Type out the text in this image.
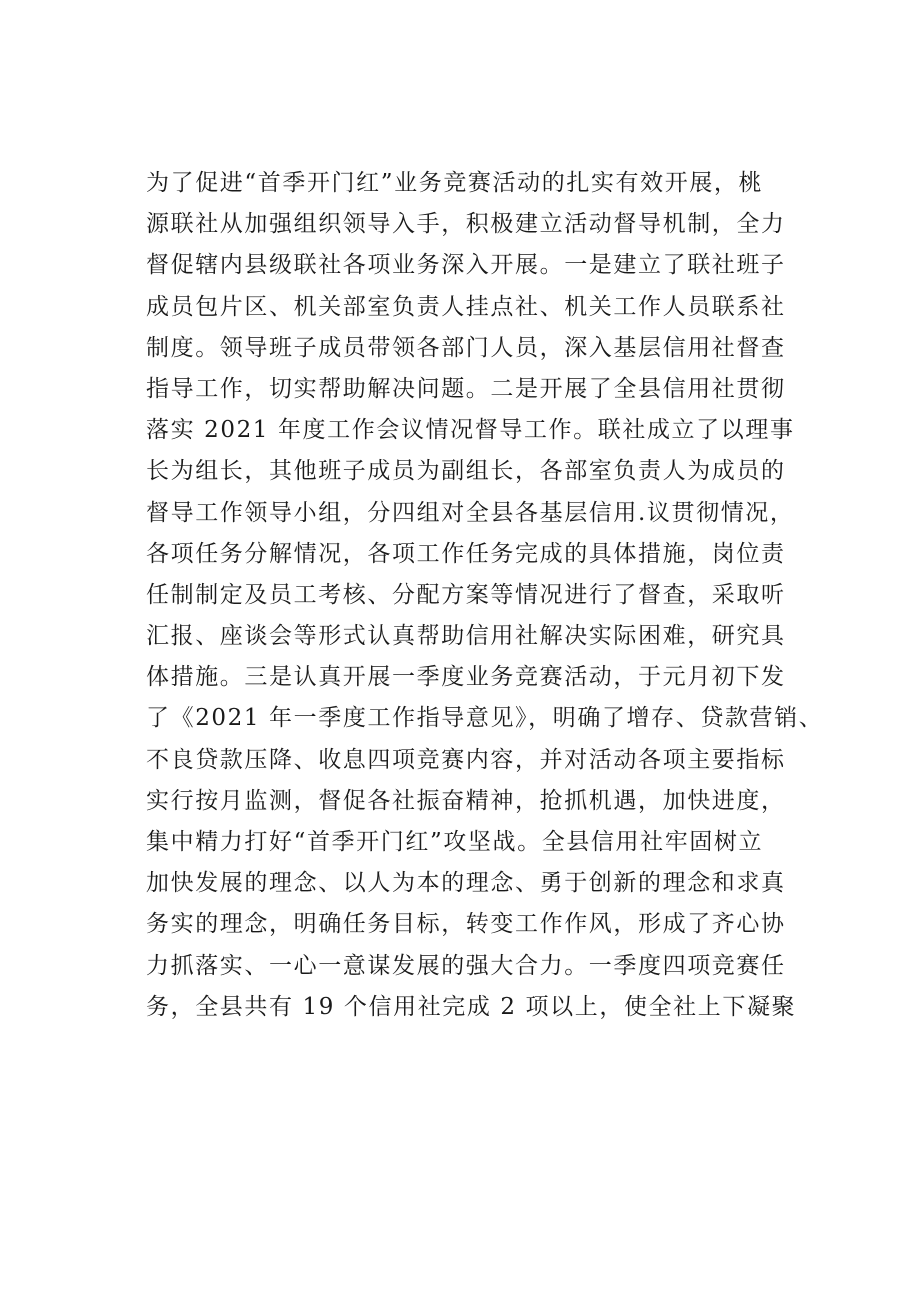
为了促进“首季开门红”业务竞赛活动的扎实有效开展，桃
源联社从加强组织领导入手，积极建立活动督导机制，全力
督促辖内县级联社各项业务深入开展。一是建立了联社班子
成员包片区、机关部室负责人挂点社、机关工作人员联系社
制度。领导班子成员带领各部门人员，深入基层信用社督查
指导工作，切实帮助解决问题。二是开展了全县信用社贯彻
落实 2021 年度工作会议情况督导工作。联社成立了以理事
长为组长，其他班子成员为副组长，各部室负责人为成员的
督导工作领导小组，分四组对全县各基层信用.议贯彻情况，
各项任务分解情况，各项工作任务完成的具体措施，岗位责
任制制定及员工考核、分配方案等情况进行了督查，采取听
汇报、座谈会等形式认真帮助信用社解决实际困难，研究具
体措施。三是认真开展一季度业务竞赛活动，于元月初下发
了《2021 年一季度工作指导意见》，明确了增存、贷款营销、
不良贷款压降、收息四项竞赛内容，并对活动各项主要指标
实行按月监测，督促各社振奋精神，抢抓机遇，加快进度，
集中精力打好“首季开门红”攻坚战。全县信用社牢固树立
加快发展的理念、以人为本的理念、勇于创新的理念和求真
务实的理念，明确任务目标，转变工作作风，形成了齐心协
力抓落实、一心一意谋发展的强大合力。一季度四项竞赛任
务，全县共有 19 个信用社完成 2 项以上，使全社上下凝聚
